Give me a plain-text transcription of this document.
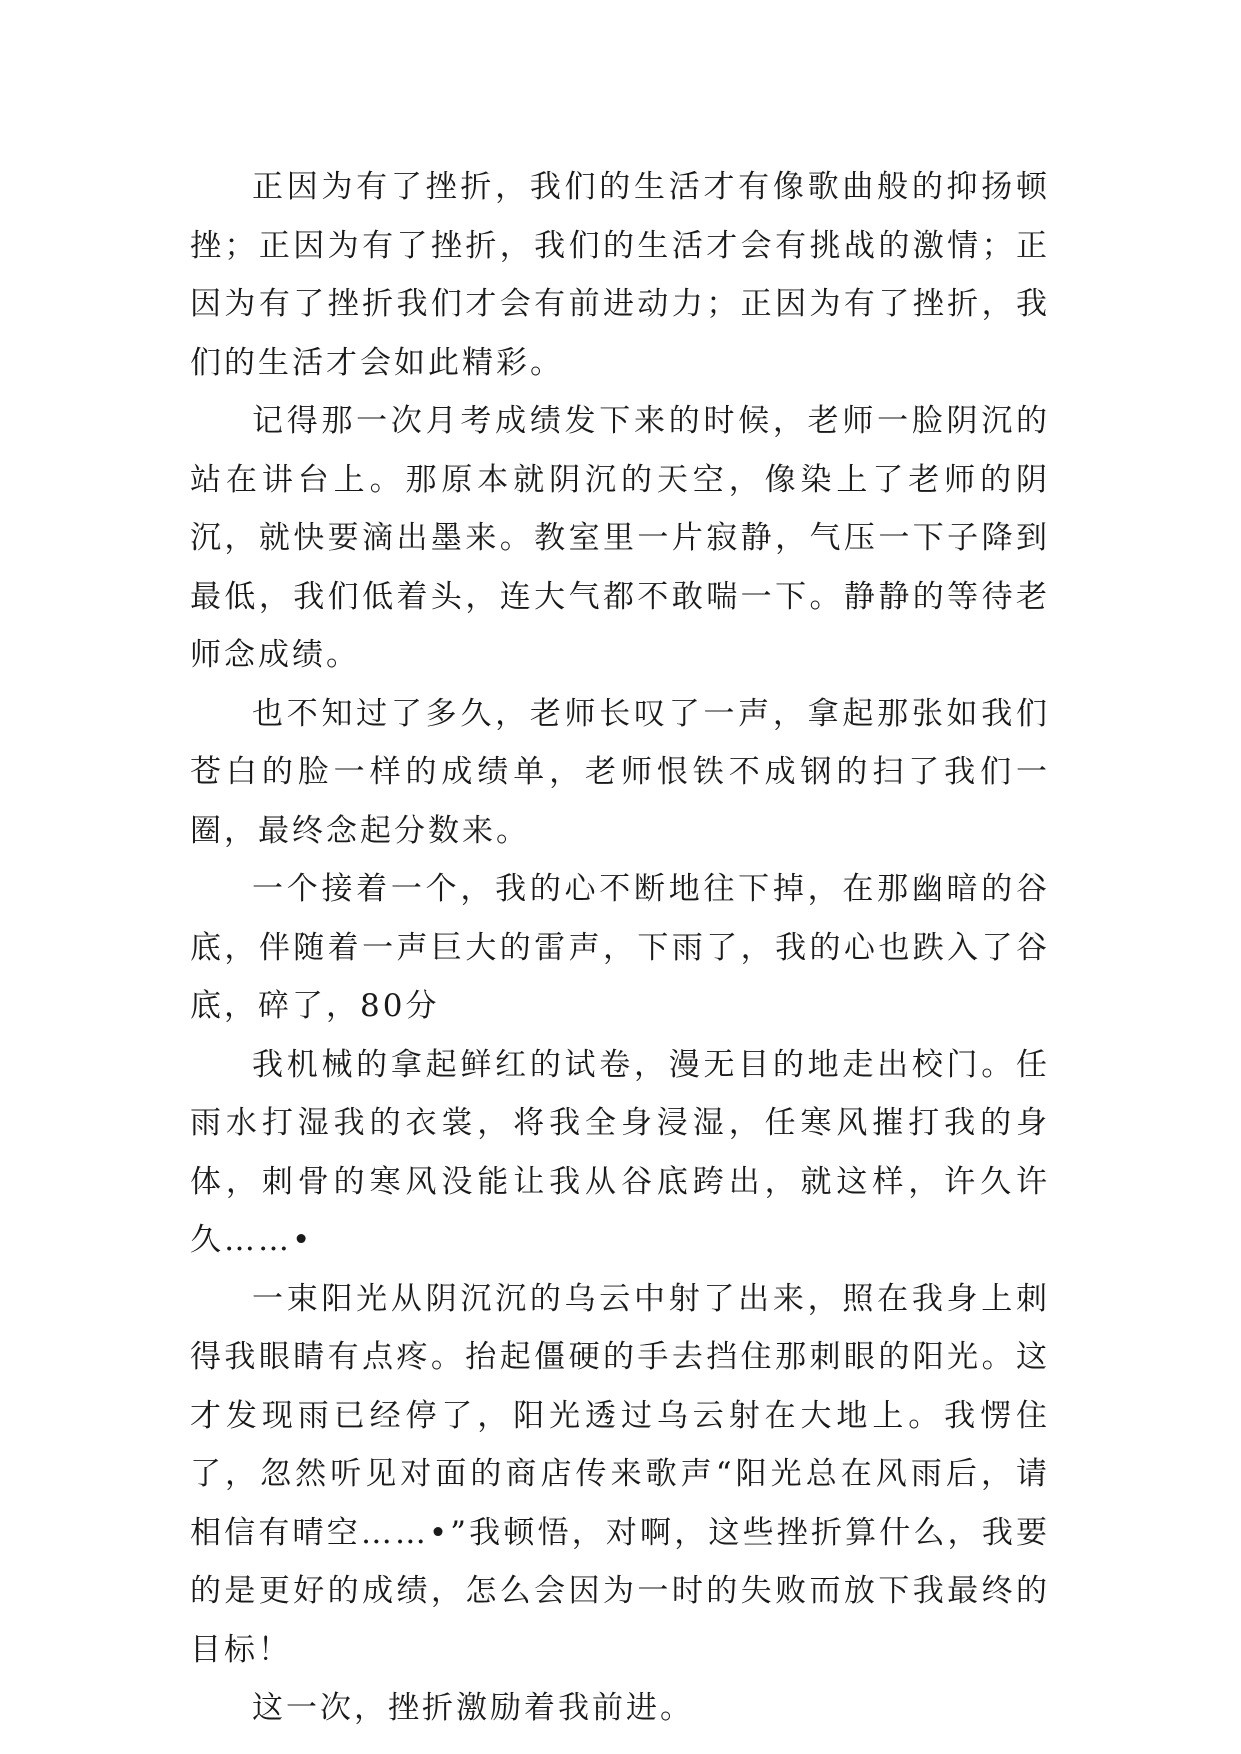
正因为有了挫折，我们的生活才有像歌曲般的抑扬顿挫；正因为有了挫折，我们的生活才会有挑战的激情；正因为有了挫折我们才会有前进动力；正因为有了挫折，我们的生活才会如此精彩。

记得那一次月考成绩发下来的时候，老师一脸阴沉的站在讲台上。那原本就阴沉的天空，像染上了老师的阴沉，就快要滴出墨来。教室里一片寂静，气压一下子降到最低，我们低着头，连大气都不敢喘一下。静静的等待老师念成绩。

也不知过了多久，老师长叹了一声，拿起那张如我们苍白的脸一样的成绩单，老师恨铁不成钢的扫了我们一圈，最终念起分数来。

一个接着一个，我的心不断地往下掉，在那幽暗的谷底，伴随着一声巨大的雷声，下雨了，我的心也跌入了谷底，碎了，80分

我机械的拿起鲜红的试卷，漫无目的地走出校门。任雨水打湿我的衣裳，将我全身浸湿，任寒风摧打我的身体，刺骨的寒风没能让我从谷底跨出，就这样，许久许久……•

一束阳光从阴沉沉的乌云中射了出来，照在我身上刺得我眼睛有点疼。抬起僵硬的手去挡住那刺眼的阳光。这才发现雨已经停了，阳光透过乌云射在大地上。我愣住了，忽然听见对面的商店传来歌声“阳光总在风雨后，请相信有晴空……•”我顿悟，对啊，这些挫折算什么，我要的是更好的成绩，怎么会因为一时的失败而放下我最终的目标！

这一次，挫折激励着我前进。
